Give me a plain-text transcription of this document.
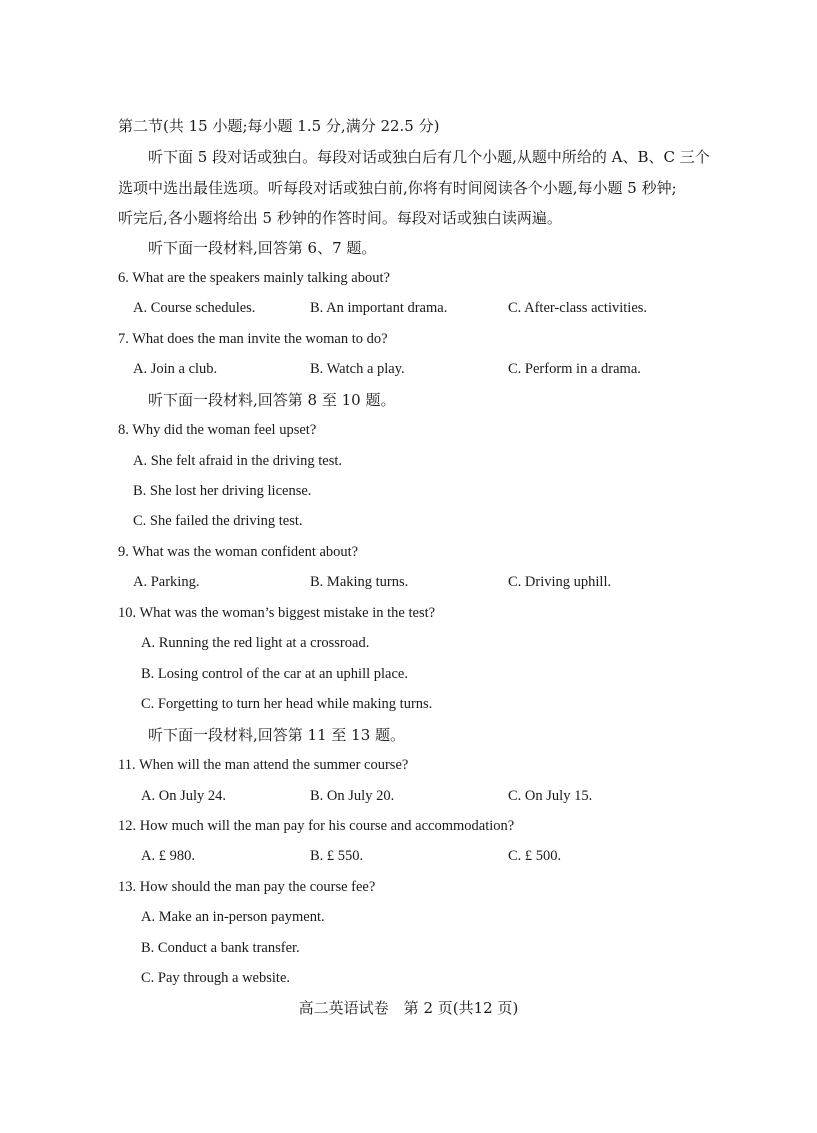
第二节(共 15 小题;每小题 1.5 分,满分 22.5 分)
听下面 5 段对话或独白。每段对话或独白后有几个小题,从题中所给的 A、B、C 三个
选项中选出最佳选项。听每段对话或独白前,你将有时间阅读各个小题,每小题 5 秒钟;
听完后,各小题将给出 5 秒钟的作答时间。每段对话或独白读两遍。
听下面一段材料,回答第 6、7 题。
6. What are the speakers mainly talking about?
A. Course schedules.	B. An important drama.	C. After-class activities.
7. What does the man invite the woman to do?
A. Join a club.	B. Watch a play.	C. Perform in a drama.
听下面一段材料,回答第 8 至 10 题。
8. Why did the woman feel upset?
A. She felt afraid in the driving test.
B. She lost her driving license.
C. She failed the driving test.
9. What was the woman confident about?
A. Parking.	B. Making turns.	C. Driving uphill.
10. What was the woman’s biggest mistake in the test?
A. Running the red light at a crossroad.
B. Losing control of the car at an uphill place.
C. Forgetting to turn her head while making turns.
听下面一段材料,回答第 11 至 13 题。
11. When will the man attend the summer course?
A. On July 24.	B. On July 20.	C. On July 15.
12. How much will the man pay for his course and accommodation?
A. £ 980.	B. £ 550.	C. £ 500.
13. How should the man pay the course fee?
A. Make an in-person payment.
B. Conduct a bank transfer.
C. Pay through a website.
高二英语试卷　第 2 页(共12 页)
